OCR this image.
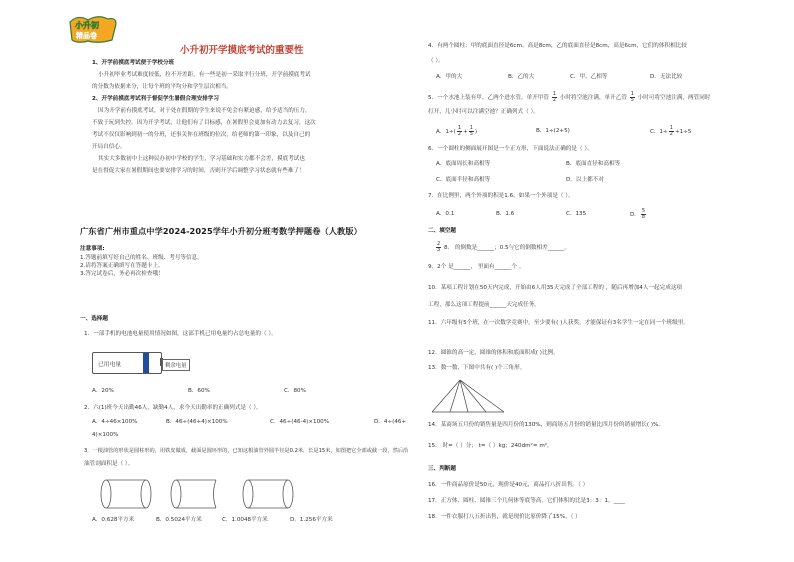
小升初
精品卷
小升初开学摸底考试的重要性
1、开学前摸底考试便于学校分班
小升初毕业考试难度较低，拉不开差距，有一些是初一采取平行分班，开学前摸底考试
的分数为依据来分，让每个班的平均分和学生层次相当。
2、开学前摸底考试利于督促学生暑假合理安排学习
因为开学前有摸底考试，对于处在假期的学生来说不免会有紧迫感，给予适当的压力，
不致于玩到失控。因为开学考试，让他们有了目标感，在暑假里会更加有动力去复习，这次
考试不仅仅影响到初一的分班，还事关你在班级的位次，给老师的第一印象，以及自己的
开局自信心。
其实大多数初中上这种民办初中学校的学生，学习基础和实力都不会差，摸底考试也
是在督促大家在暑假期间也要安排学习的时间，否则开学后调整学习状态就有些难了！
广东省广州市重点中学2024-2025学年小升初分班考数学押题卷（人教版）
注意事项:
1.答题前填写好自己的姓名、班级、考号等信息。
2.请将答案正确填写在答题卡上。
3.答完试卷后，务必再次检查哦！
一、选择题
1．一部手机的电池电量使用情况如图，这部手机已用电量约占总电量的（ ）。
已用电量	剩余电量
A．20%	B．60%	C．80%
2．六(1)班今天出勤46人，缺勤4人，求今天出勤率的正确列式是（ ）。
A．4÷46×100%	B．46÷(46+4)×100%	C．46÷(46-4)×100%	D．4÷(46+
4)×100%
3．一根油管的形状是圆柱形的，用铁皮做成，截面是圆环形的，已知这根油管外圆半径是0.2米，长是15米，如图把它全部或截一段，然后沿
油管剖面积是（ ）。
A．0.628平方米	B．0.5024平方米	C．1.0048平方米	D．1.256平方米
4．有两个圆柱：甲的底面直径是6cm、高是8cm，乙的底面直径是8cm，高是6cm，它们的体积相比较
（ ）。
A．甲的大	B．乙的大	C．甲、乙相等	D．无法比较
5．一个水池上装有甲、乙两个进水管，单开甲管 $\frac{1}{2}$ 小时将空池注满，单开乙管 $\frac{1}{5}$ 小时可将空池注满，两管同时
打开，几小时可以注满空池？正确列式（ ）。
A．$1\div( \frac{1}{2} + \frac{1}{5}$ )	B．1÷(2+5)	C．$1\div \frac{1}{2} +1\div 5$
6．一个圆柱的侧面展开图是一个正方形，下面说法正确的是（ ）。
A．底面周长和高相等	B．底面直径和高相等
C．底面半径和高相等	D．以上都不对
7．在比例里，两个外项的积是1.6，如果一个外项是（ ）。
A．0.1	B．1.6	C．135	D． $\frac{5}{8}$
二、填空题
$\frac{2}{3} 8$． 的倒数是______；0.5与它的倒数相差______。
9．2个 是______， 里面有______个 。
10．某项工程计划在50天内完成，开始由6人用35天完成了全部工程的 ，随后再增加4人一起完成这项
工程，那么这项工程提前______天完成任务。
11．六年级有5个班，在一次数学竞赛中，至少要有( )人获奖，才能保证有3名学生一定在同一个班级里。
12．圆锥的高一定，圆锥的体积和底面积成( )比例。
13．数一数，下图中共有( )个三角形。
14．某商场五月份的销售量是四月份的130%，则商场五月份的销量比四月份的销量增长( )%。
15． 时=（ ）分； t=（ ）kg；240dm²= m²。
三、判断题
16．一件商品原价是50元，现价是40元，商品打八折出售。（ ）
17．正方体、圆柱、圆锥三个几何体等底等高，它们体积的比是3：3：1。____
18．一件衣服打八五折出售，就是现价比原价降了15%。（ ）
